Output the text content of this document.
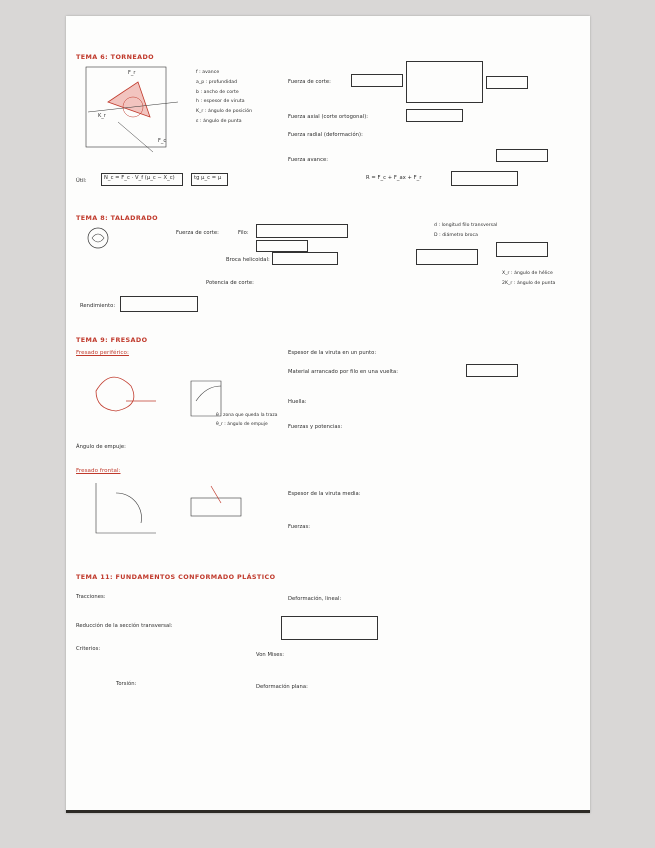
TEMA 6: TORNEADO
F_r
K_r
F_c
f : avance
a_p : profundidad
b : ancho de corte
h : espesor de viruta
K_r : ángulo de posición
ε : ángulo de punta
Fuerza de corte:
Fuerza axial (corte ortogonal):
Fuerza radial (deformación):
Fuerza avance:
Útil:	N_c = F_c · V_f (μ_c − X_c)	tg μ_c = μ	R = F_c + F_ax + F_r
TEMA 8: TALADRADO
Fuerza de corte:	Filo:
Broca helicoidal:
d : longitud filo transversal
D : diámetro broca
X_r : ángulo de hélice
2K_r : ángulo de punta
Potencia de corte:
Rendimiento:
TEMA 9: FRESADO
Fresado periférico:
θ : zona que queda la traza
θ_r : ángulo de empuje
Ángulo de empuje:
Fresado frontal:
Espesor de la viruta en un punto:
Material arrancado por filo en una vuelta:
Huella:
Fuerzas y potencias:
Espesor de la viruta media:
Fuerzas:
TEMA 11: FUNDAMENTOS CONFORMADO PLÁSTICO
Tracciones:	Deformación, lineal:
Reducción de la sección transversal:
Criterios:
Von Mises:
Torsión:	Deformación plana:
